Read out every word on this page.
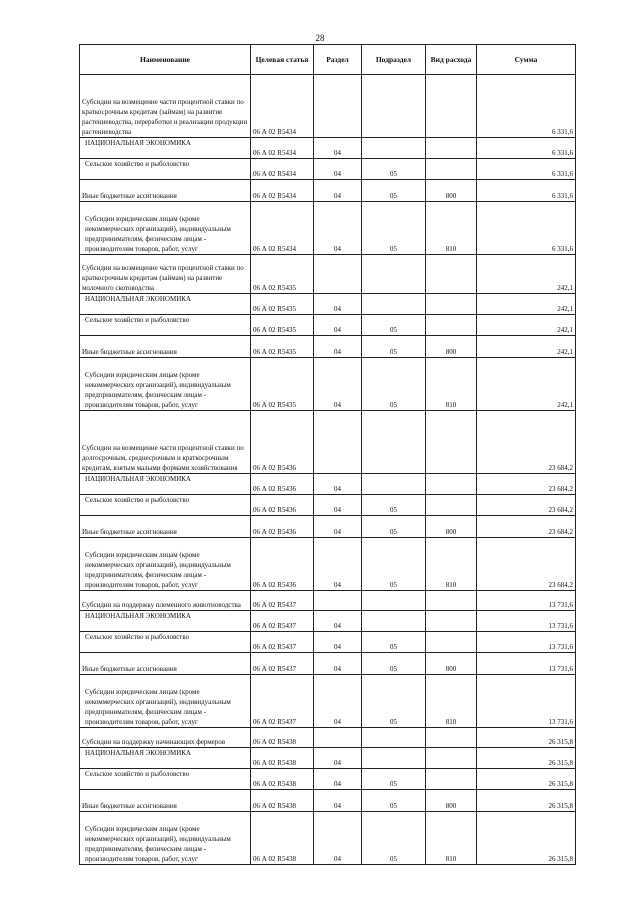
28
Наименование	Целевая статья	Раздел	Подраздел	Вид расхода	Сумма
Субсидии на возмещение части процентной ставки по краткосрочным кредитам (займам) на развитие растениеводства, переработки и реализации продукции растениеводства	06 А 02 R5434				6 331,6
НАЦИОНАЛЬНАЯ ЭКОНОМИКА	06 А 02 R5434	04			6 331,6
Сельское хозяйство и рыболовство	06 А 02 R5434	04	05		6 331,6
Иные бюджетные ассигнования	06 А 02 R5434	04	05	800	6 331,6
Субсидии юридическим лицам (кроме некоммерческих организаций), индивидуальным предпринимателям, физическим лицам - производителям товаров, работ, услуг	06 А 02 R5434	04	05	810	6 331,6
Субсидии на возмещение части процентной ставки по краткосрочным кредитам (займам) на развитие молочного скотоводства	06 А 02 R5435				242,1
НАЦИОНАЛЬНАЯ ЭКОНОМИКА	06 А 02 R5435	04			242,1
Сельское хозяйство и рыболовство	06 А 02 R5435	04	05		242,1
Иные бюджетные ассигнования	06 А 02 R5435	04	05	800	242,1
Субсидии юридическим лицам (кроме некоммерческих организаций), индивидуальным предпринимателям, физическим лицам - производителям товаров, работ, услуг	06 А 02 R5435	04	05	810	242,1
Субсидии на возмещение части процентной ставки по долгосрочным, среднесрочным и краткосрочным кредитам, взятым малыми формами хозяйствования	06 А 02 R5436				23 684,2
НАЦИОНАЛЬНАЯ ЭКОНОМИКА	06 А 02 R5436	04			23 684,2
Сельское хозяйство и рыболовство	06 А 02 R5436	04	05		23 684,2
Иные бюджетные ассигнования	06 А 02 R5436	04	05	800	23 684,2
Субсидии юридическим лицам (кроме некоммерческих организаций), индивидуальным предпринимателям, физическим лицам - производителям товаров, работ, услуг	06 А 02 R5436	04	05	810	23 684,2
Субсидии на поддержку племенного животноводства	06 А 02 R5437				13 731,6
НАЦИОНАЛЬНАЯ ЭКОНОМИКА	06 А 02 R5437	04			13 731,6
Сельское хозяйство и рыболовство	06 А 02 R5437	04	05		13 731,6
Иные бюджетные ассигнования	06 А 02 R5437	04	05	800	13 731,6
Субсидии юридическим лицам (кроме некоммерческих организаций), индивидуальным предпринимателям, физическим лицам - производителям товаров, работ, услуг	06 А 02 R5437	04	05	810	13 731,6
Субсидии на поддержку начинающих фермеров	06 А 02 R5438				26 315,8
НАЦИОНАЛЬНАЯ ЭКОНОМИКА	06 А 02 R5438	04			26 315,8
Сельское хозяйство и рыболовство	06 А 02 R5438	04	05		26 315,8
Иные бюджетные ассигнования	06 А 02 R5438	04	05	800	26 315,8
Субсидии юридическим лицам (кроме некоммерческих организаций), индивидуальным предпринимателям, физическим лицам - производителям товаров, работ, услуг	06 А 02 R5438	04	05	810	26 315,8
